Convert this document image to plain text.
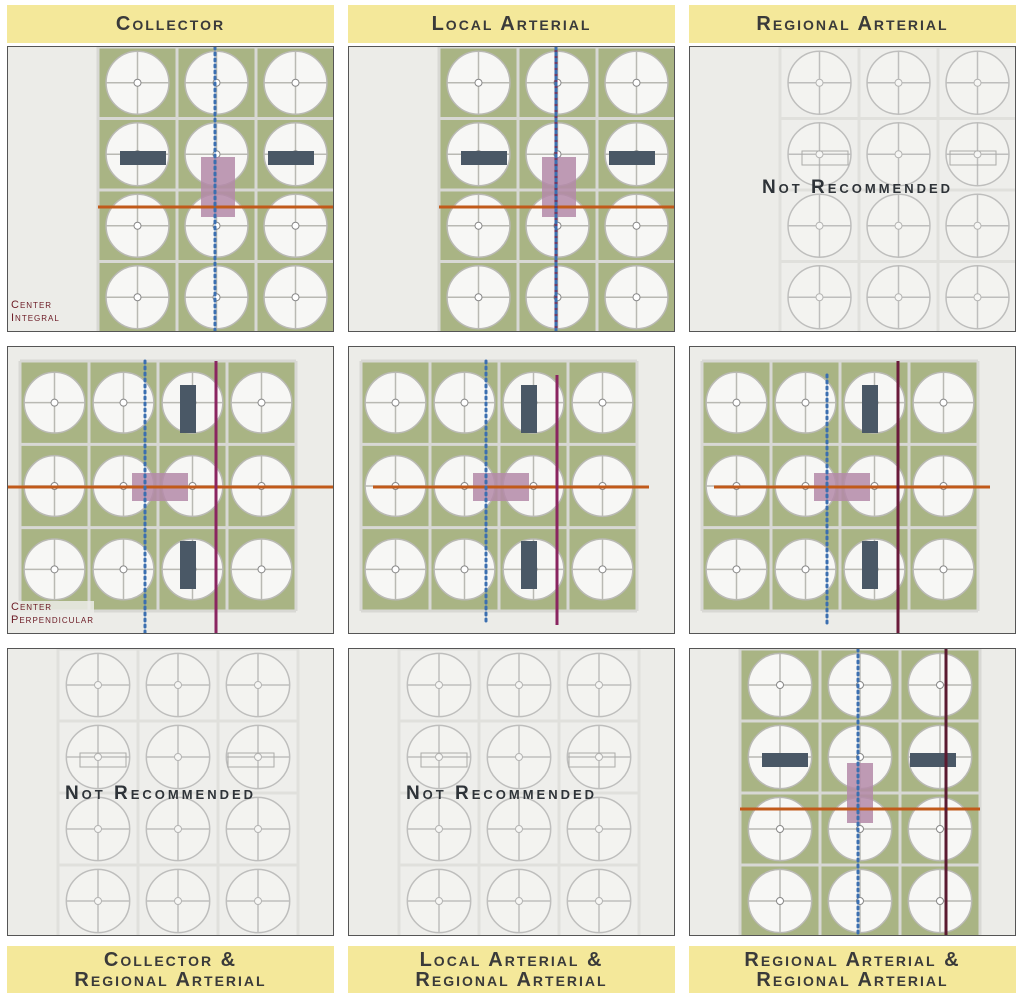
Collector	Local Arterial	Regional Arterial
Center
Integral
Not Recommended
Center
Perpendicular
Not Recommended	Not Recommended
Collector &
Regional Arterial
Local Arterial &
Regional Arterial
Regional Arterial &
Regional Arterial
